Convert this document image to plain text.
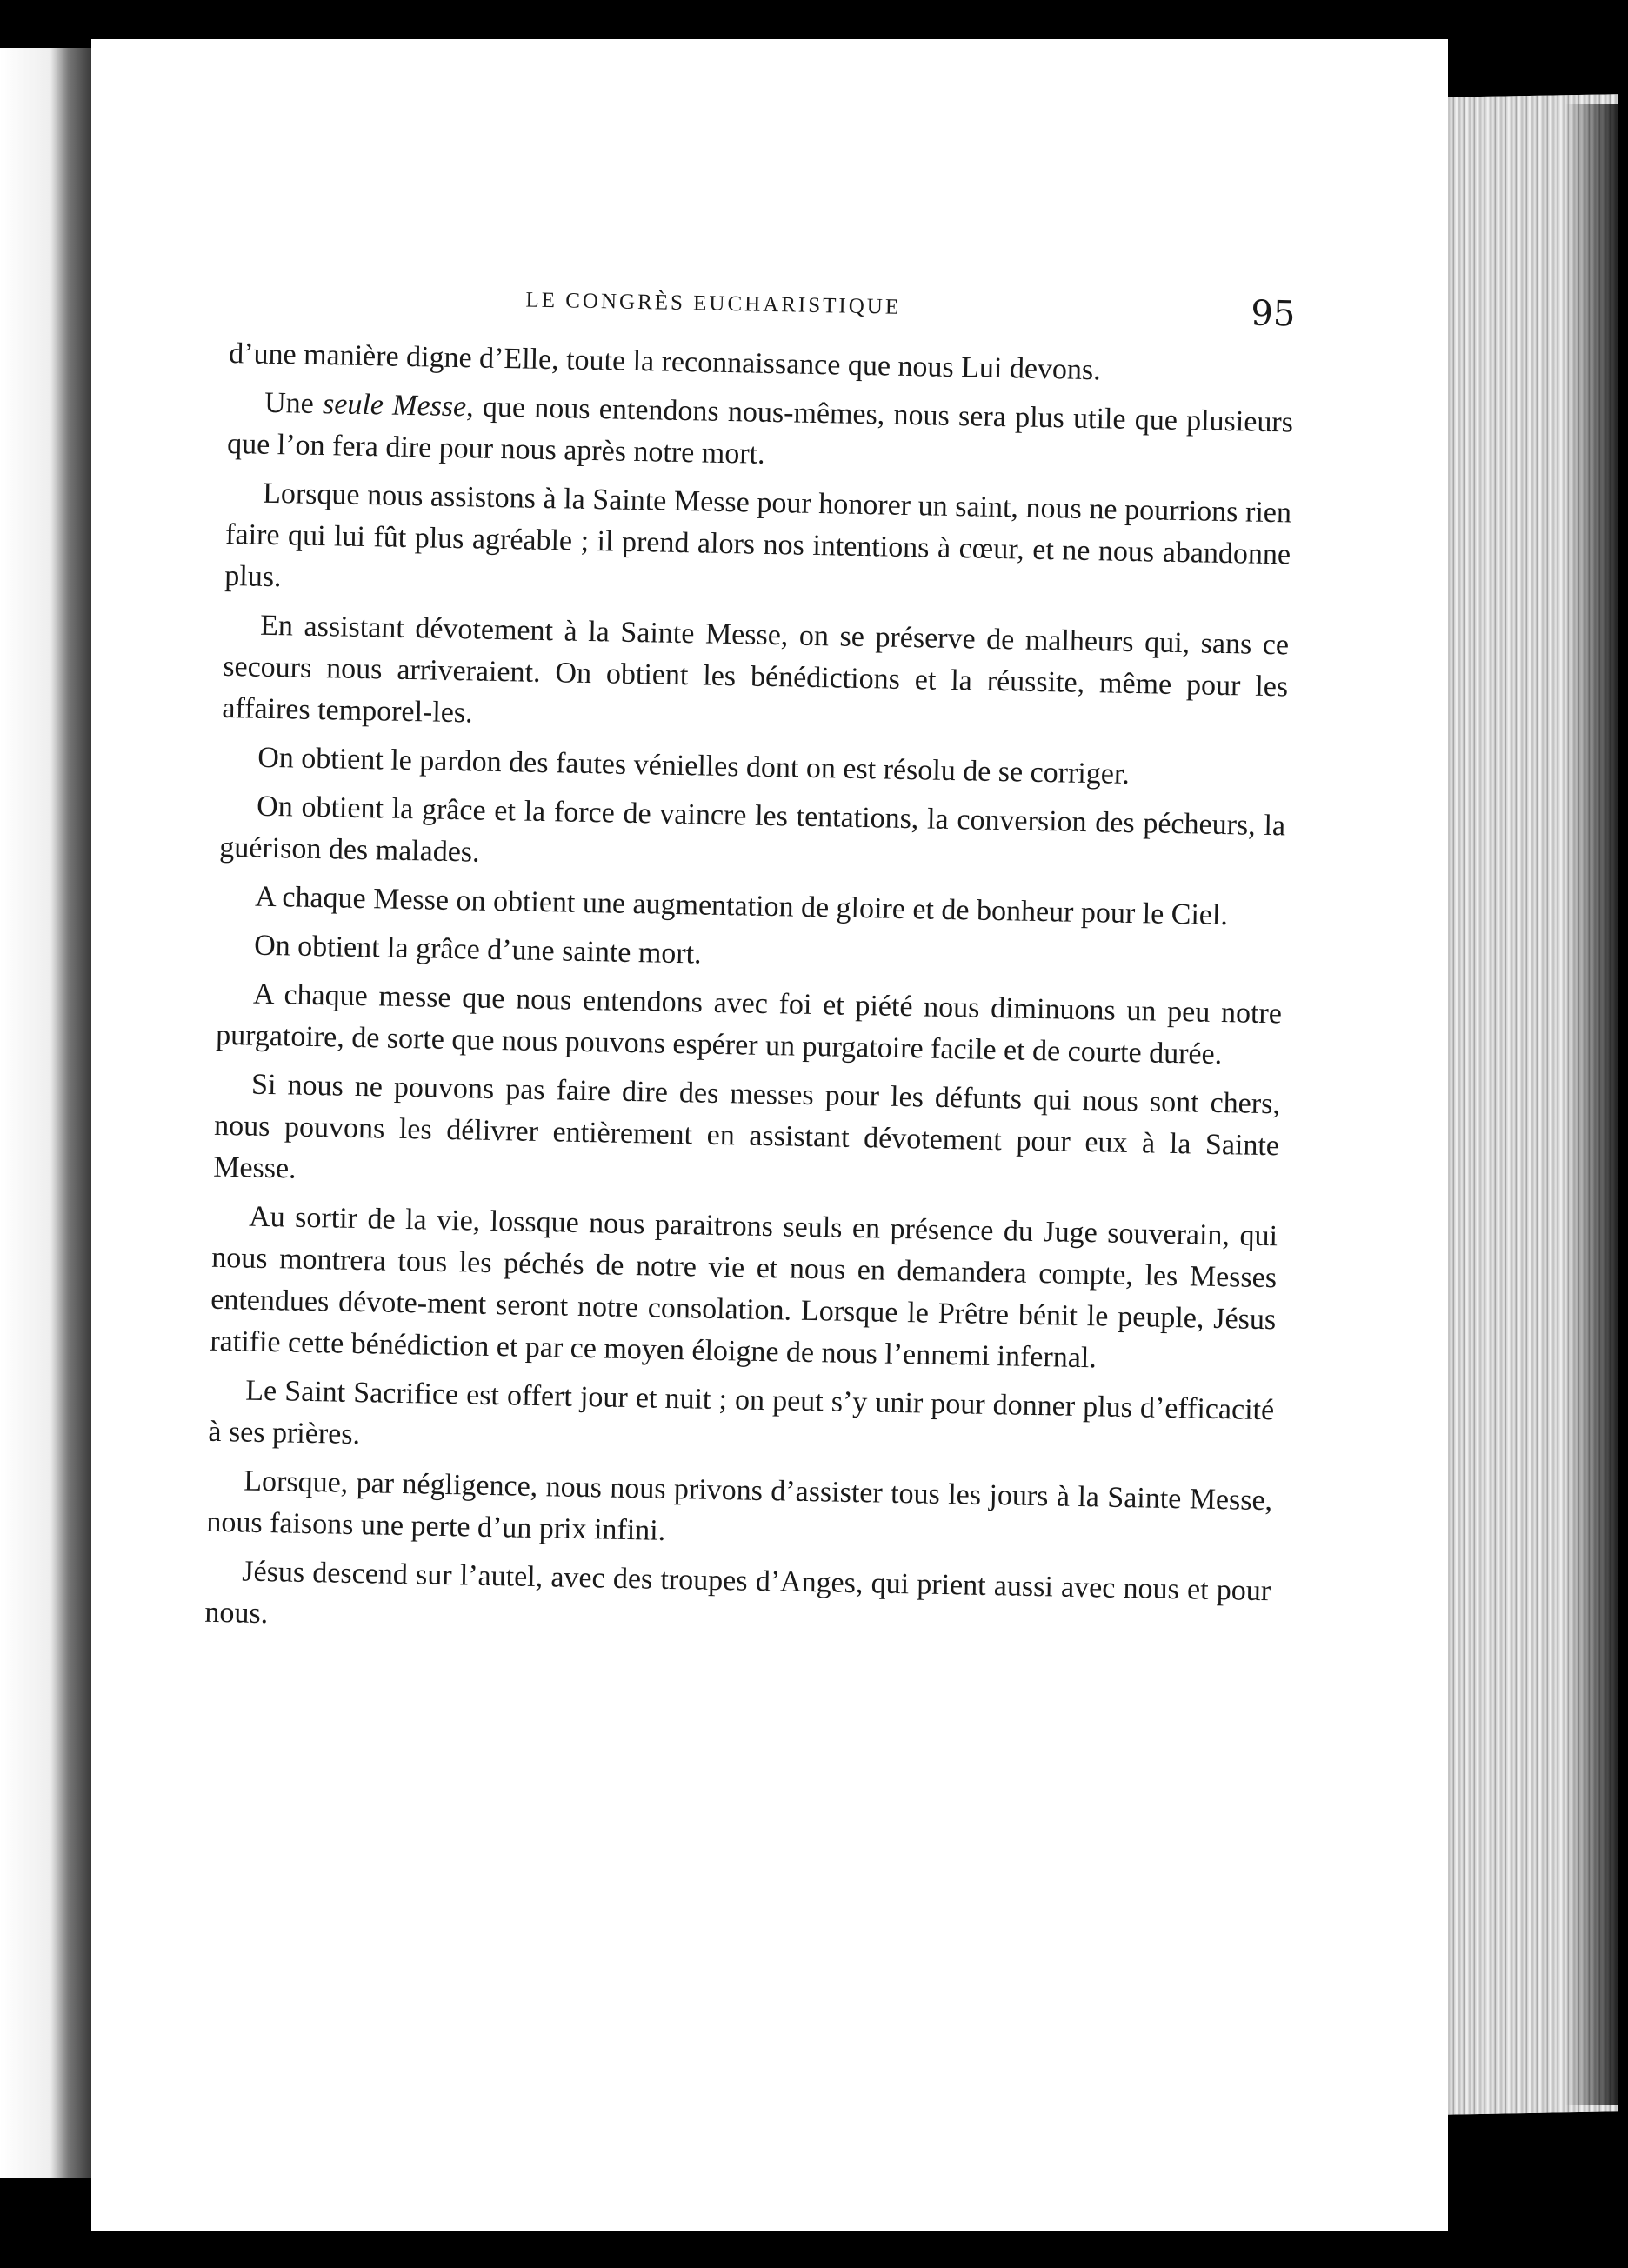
LE CONGRÈS EUCHARISTIQUE	95

d’une manière digne d’Elle, toute la reconnaissance que nous Lui devons.

Une seule Messe, que nous entendons nous-mêmes, nous sera plus utile que plusieurs que l’on fera dire pour nous après notre mort.

Lorsque nous assistons à la Sainte Messe pour honorer un saint, nous ne pourrions rien faire qui lui fût plus agréable ; il prend alors nos intentions à cœur, et ne nous abandonne plus.

En assistant dévotement à la Sainte Messe, on se préserve de malheurs qui, sans ce secours nous arriveraient. On obtient les bénédictions et la réussite, même pour les affaires temporel-les.

On obtient le pardon des fautes vénielles dont on est résolu de se corriger.

On obtient la grâce et la force de vaincre les tentations, la conversion des pécheurs, la guérison des malades.

A chaque Messe on obtient une augmentation de gloire et de bonheur pour le Ciel.

On obtient la grâce d’une sainte mort.

A chaque messe que nous entendons avec foi et piété nous diminuons un peu notre purgatoire, de sorte que nous pouvons espérer un purgatoire facile et de courte durée.

Si nous ne pouvons pas faire dire des messes pour les défunts qui nous sont chers, nous pouvons les délivrer entièrement en assistant dévotement pour eux à la Sainte Messe.

Au sortir de la vie, lossque nous paraitrons seuls en présence du Juge souverain, qui nous montrera tous les péchés de notre vie et nous en demandera compte, les Messes entendues dévote-ment seront notre consolation. Lorsque le Prêtre bénit le peuple, Jésus ratifie cette bénédiction et par ce moyen éloigne de nous l’ennemi infernal.

Le Saint Sacrifice est offert jour et nuit ; on peut s’y unir pour donner plus d’efficacité à ses prières.

Lorsque, par négligence, nous nous privons d’assister tous les jours à la Sainte Messe, nous faisons une perte d’un prix infini.

Jésus descend sur l’autel, avec des troupes d’Anges, qui prient aussi avec nous et pour nous.
